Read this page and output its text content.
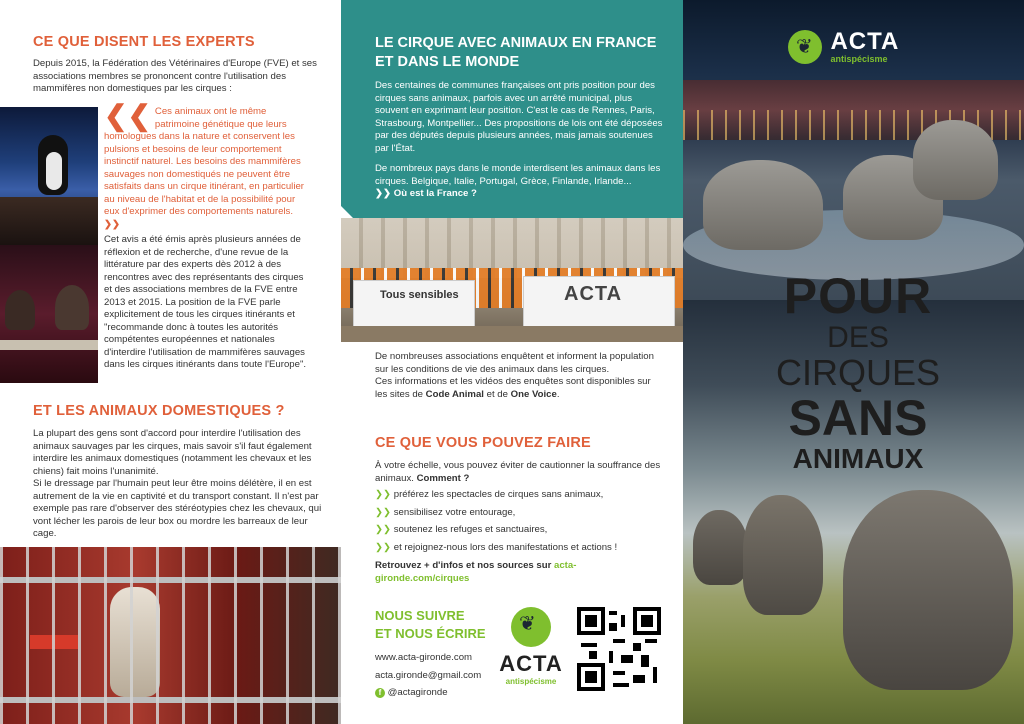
CE QUE DISENT LES EXPERTS

Depuis 2015, la Fédération des Vétérinaires d'Europe (FVE) et ses associations membres se prononcent contre l'utilisation des mammifères non domestiques par les cirques :

❮❮ Ces animaux ont le même patrimoine génétique que leurs homologues dans la nature et conservent les pulsions et besoins de leur comportement instinctif naturel. Les besoins des mammifères sauvages non domestiqués ne peuvent être satisfaits dans un cirque itinérant, en particulier au niveau de l'habitat et de la possibilité pour eux d'exprimer des comportements naturels. ❯❯

Cet avis a été émis après plusieurs années de réflexion et de recherche, d'une revue de la littérature par des experts dès 2012 à des rencontres avec des représentants des cirques et des associations membres de la FVE entre 2013 et 2015. La position de la FVE parle explicitement de tous les cirques itinérants et "recommande donc à toutes les autorités compétentes européennes et nationales d'interdire l'utilisation de mammifères sauvages dans les cirques itinérants dans toute l'Europe".

ET LES ANIMAUX DOMESTIQUES ?

La plupart des gens sont d'accord pour interdire l'utilisation des animaux sauvages par les cirques, mais savoir s'il faut également interdire les animaux domestiques (notamment les chevaux et les chiens) fait moins l'unanimité.

Si le dressage par l'humain peut leur être moins délétère, il en est autrement de la vie en captivité et du transport constant. Il n'est par exemple pas rare d'observer des stéréotypies chez les chevaux, qui vont lécher les parois de leur box ou mordre les barreaux de leur cage.

LE CIRQUE AVEC ANIMAUX EN FRANCE ET DANS LE MONDE

Des centaines de communes françaises ont pris position pour des cirques sans animaux, parfois avec un arrêté municipal, plus souvent en exprimant leur position. C'est le cas de Rennes, Paris, Strasbourg, Montpellier... Des propositions de lois ont été déposées par des députés depuis plusieurs années, mais jamais soutenues par l'État.

De nombreux pays dans le monde interdisent les animaux dans les cirques. Belgique, Italie, Portugal, Grèce, Finlande, Irlande...

❯❯ Où est la France ?

Tous sensibles	ACTA

De nombreuses associations enquêtent et informent la population sur les conditions de vie des animaux dans les cirques.

Ces informations et les vidéos des enquêtes sont disponibles sur les sites de Code Animal et de One Voice.

CE QUE VOUS POUVEZ FAIRE

À votre échelle, vous pouvez éviter de cautionner la souffrance des animaux. Comment ?

❯❯ préférez les spectacles de cirques sans animaux,

❯❯ sensibilisez votre entourage,

❯❯ soutenez les refuges et sanctuaires,

❯❯ et rejoignez-nous lors des manifestations et actions !

Retrouvez + d'infos et nos sources sur acta-gironde.com/cirques

NOUS SUIVRE
ET NOUS ÉCRIRE

www.acta-gironde.com

acta.gironde@gmail.com

f @actagironde

❦
ACTA
antispécisme
❦
ACTA
antispécisme
POUR
DES
CIRQUES
SANS
ANIMAUX
